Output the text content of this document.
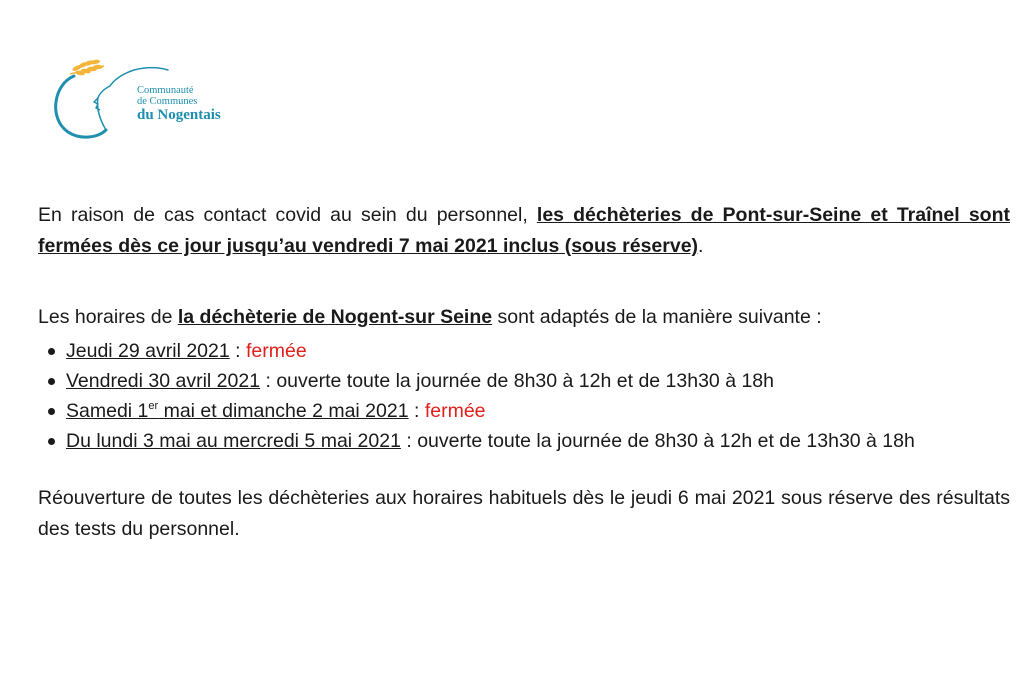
Communauté
de Communes
du Nogentais

En raison de cas contact covid au sein du personnel, les déchèteries de Pont-sur-Seine et Traînel sont fermées dès ce jour jusqu’au vendredi 7 mai 2021 inclus (sous réserve).

Les horaires de la déchèterie de Nogent-sur Seine sont adaptés de la manière suivante :

Jeudi 29 avril 2021 : fermée
Vendredi 30 avril 2021 : ouverte toute la journée de 8h30 à 12h et de 13h30 à 18h
Samedi 1er mai et dimanche 2 mai 2021 : fermée
Du lundi 3 mai au mercredi 5 mai 2021 : ouverte toute la journée de 8h30 à 12h et de 13h30 à 18h

Réouverture de toutes les déchèteries aux horaires habituels dès le jeudi 6 mai 2021 sous réserve des résultats des tests du personnel.
